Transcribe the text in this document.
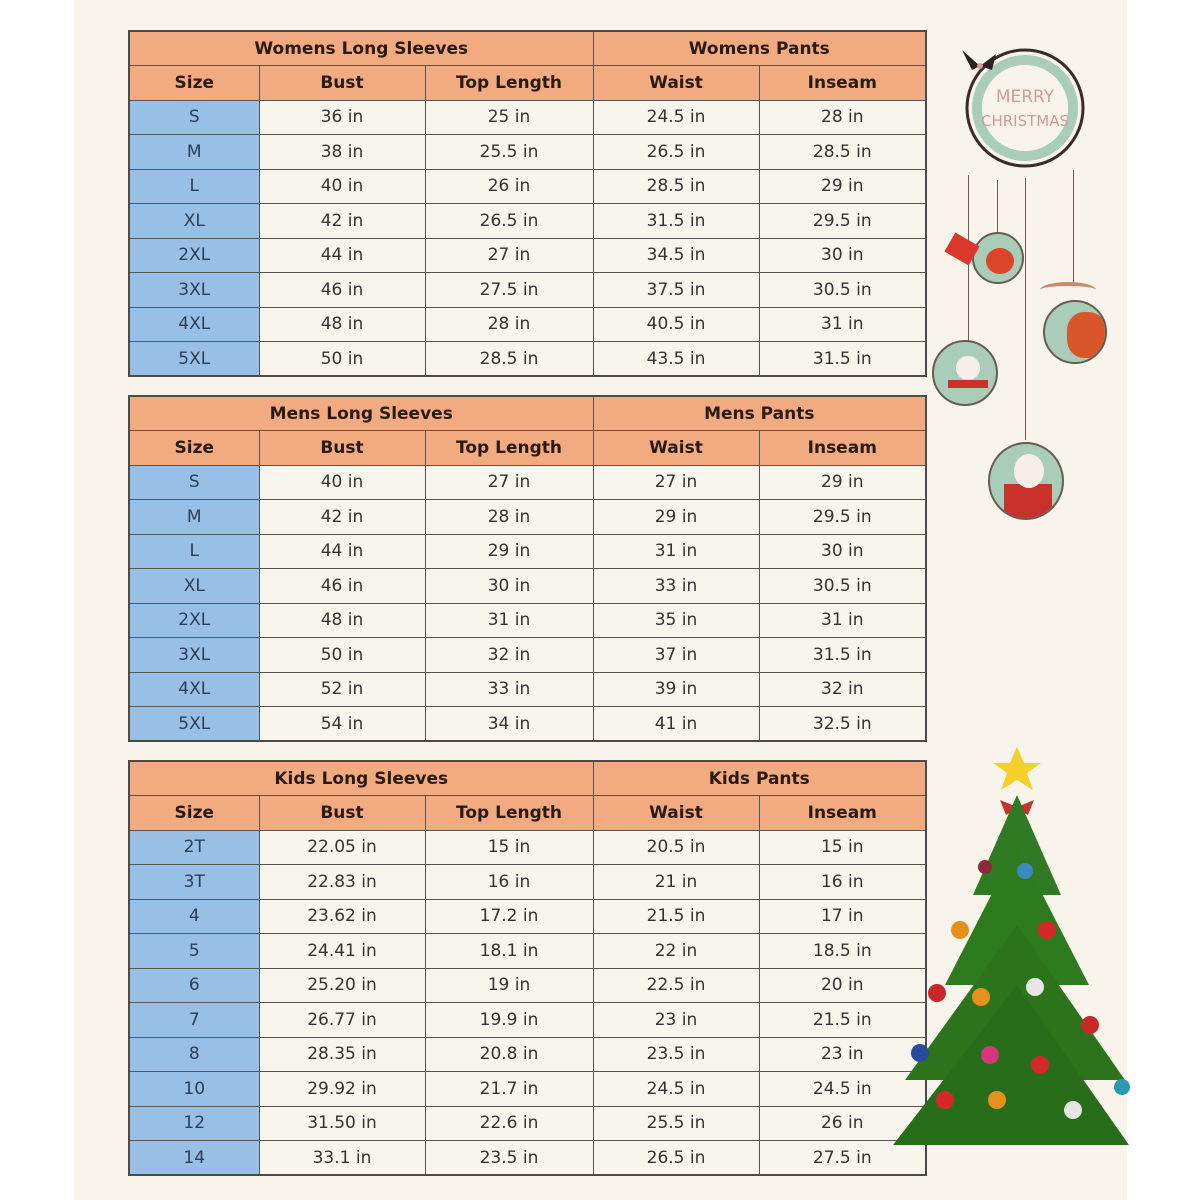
Womens Long Sleeves			Womens Pants	
Size	Bust	Top Length	Waist	Inseam
S	36 in	25 in	24.5 in	28 in
M	38 in	25.5 in	26.5 in	28.5 in
L	40 in	26 in	28.5 in	29 in
XL	42 in	26.5 in	31.5 in	29.5 in
2XL	44 in	27 in	34.5 in	30 in
3XL	46 in	27.5 in	37.5 in	30.5 in
4XL	48 in	28 in	40.5 in	31 in
5XL	50 in	28.5 in	43.5 in	31.5 in
Mens Long Sleeves			Mens Pants	
Size	Bust	Top Length	Waist	Inseam
S	40 in	27 in	27 in	29 in
M	42 in	28 in	29 in	29.5 in
L	44 in	29 in	31 in	30 in
XL	46 in	30 in	33 in	30.5 in
2XL	48 in	31 in	35 in	31 in
3XL	50 in	32 in	37 in	31.5 in
4XL	52 in	33 in	39 in	32 in
5XL	54 in	34 in	41 in	32.5 in
Kids Long Sleeves			Kids Pants	
Size	Bust	Top Length	Waist	Inseam
2T	22.05 in	15 in	20.5 in	15 in
3T	22.83 in	16 in	21 in	16 in
4	23.62 in	17.2 in	21.5 in	17 in
5	24.41 in	18.1 in	22 in	18.5 in
6	25.20 in	19 in	22.5 in	20 in
7	26.77 in	19.9 in	23 in	21.5 in
8	28.35 in	20.8 in	23.5 in	23 in
10	29.92 in	21.7 in	24.5 in	24.5 in
12	31.50 in	22.6 in	25.5 in	26 in
14	33.1 in	23.5 in	26.5 in	27.5 in
MERRY
CHRISTMAS
